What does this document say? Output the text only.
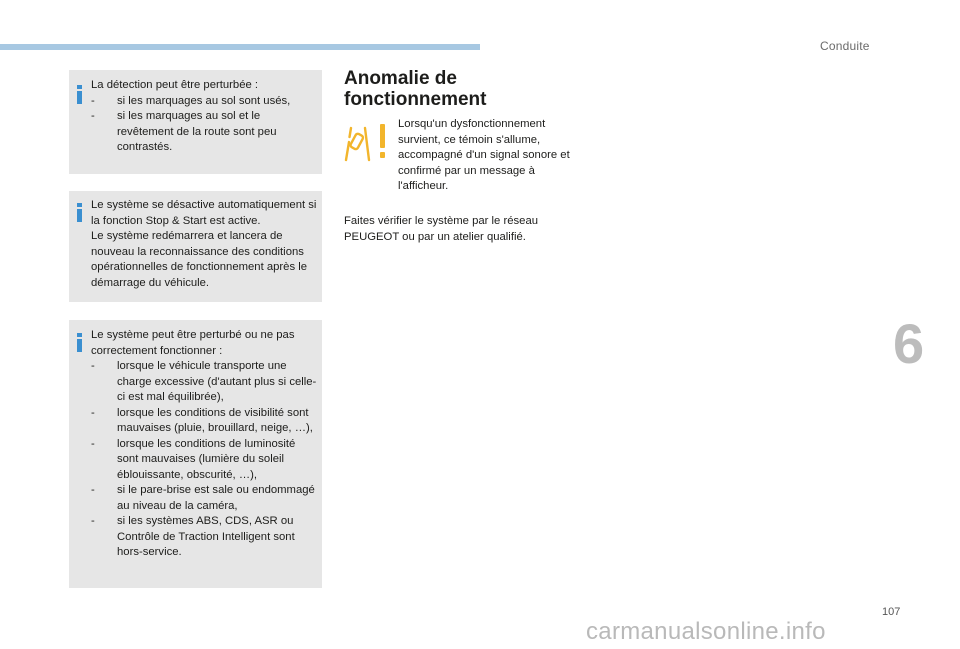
Conduite

La détection peut être perturbée :

- si les marquages au sol sont usés,

- si les marquages au sol et le revêtement de la route sont peu contrastés.

Le système se désactive automatiquement si la fonction Stop & Start est active.

Le système redémarrera et lancera de nouveau la reconnaissance des conditions opérationnelles de fonctionnement après le démarrage du véhicule.

Le système peut être perturbé ou ne pas correctement fonctionner :

- lorsque le véhicule transporte une charge excessive (d'autant plus si celle-ci est mal équilibrée),

- lorsque les conditions de visibilité sont mauvaises (pluie, brouillard, neige, …),

- lorsque les conditions de luminosité sont mauvaises (lumière du soleil éblouissante, obscurité, …),

- si le pare-brise est sale ou endommagé au niveau de la caméra,

- si les systèmes ABS, CDS, ASR ou Contrôle de Traction Intelligent sont hors-service.

Anomalie de
fonctionnement
Lorsqu'un dysfonctionnement survient, ce témoin s'allume, accompagné d'un signal sonore et confirmé par un message à l'afficheur.
Faites vérifier le système par le réseau PEUGEOT ou par un atelier qualifié.
6
107
carmanualsonline.info
